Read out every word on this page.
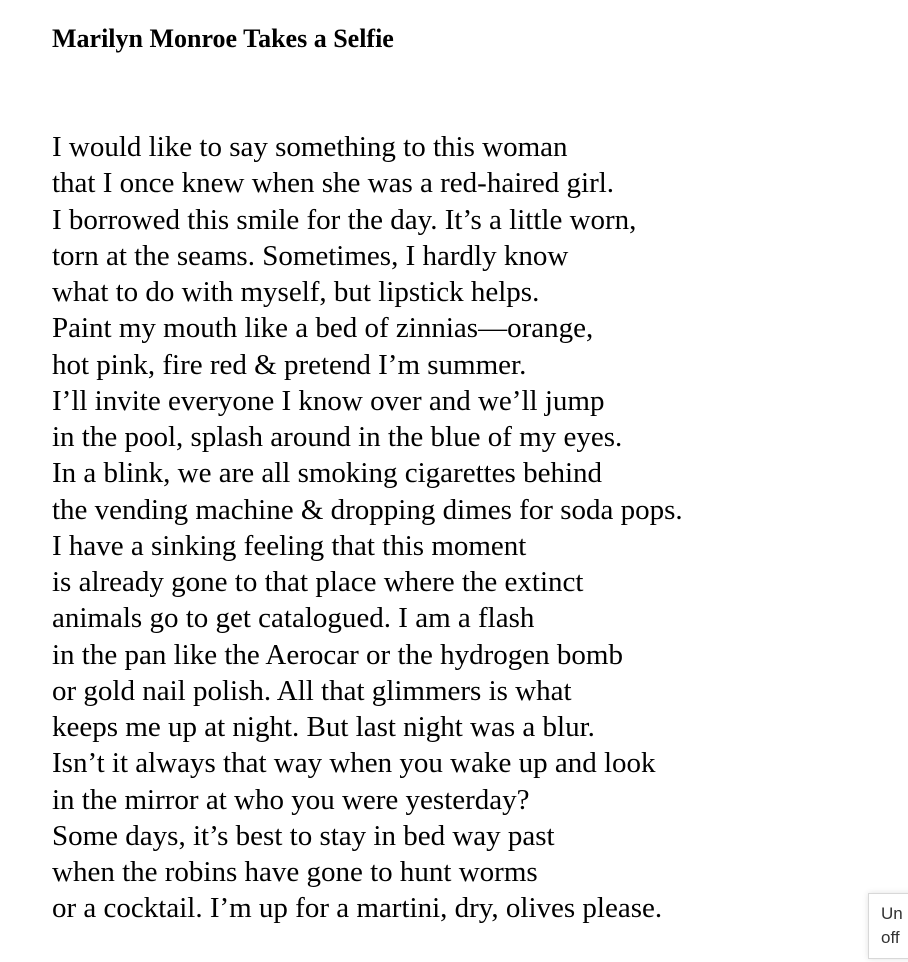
Marilyn Monroe Takes a Selfie
I would like to say something to this woman
that I once knew when she was a red-haired girl.
I borrowed this smile for the day. It’s a little worn,
torn at the seams. Sometimes, I hardly know
what to do with myself, but lipstick helps.
Paint my mouth like a bed of zinnias—orange,
hot pink, fire red & pretend I’m summer.
I’ll invite everyone I know over and we’ll jump
in the pool, splash around in the blue of my eyes.
In a blink, we are all smoking cigarettes behind
the vending machine & dropping dimes for soda pops.
I have a sinking feeling that this moment
is already gone to that place where the extinct
animals go to get catalogued. I am a flash
in the pan like the Aerocar or the hydrogen bomb
or gold nail polish. All that glimmers is what
keeps me up at night. But last night was a blur.
Isn’t it always that way when you wake up and look
in the mirror at who you were yesterday?
Some days, it’s best to stay in bed way past
when the robins have gone to hunt worms
or a cocktail. I’m up for a martini, dry, olives please.	Un
off
